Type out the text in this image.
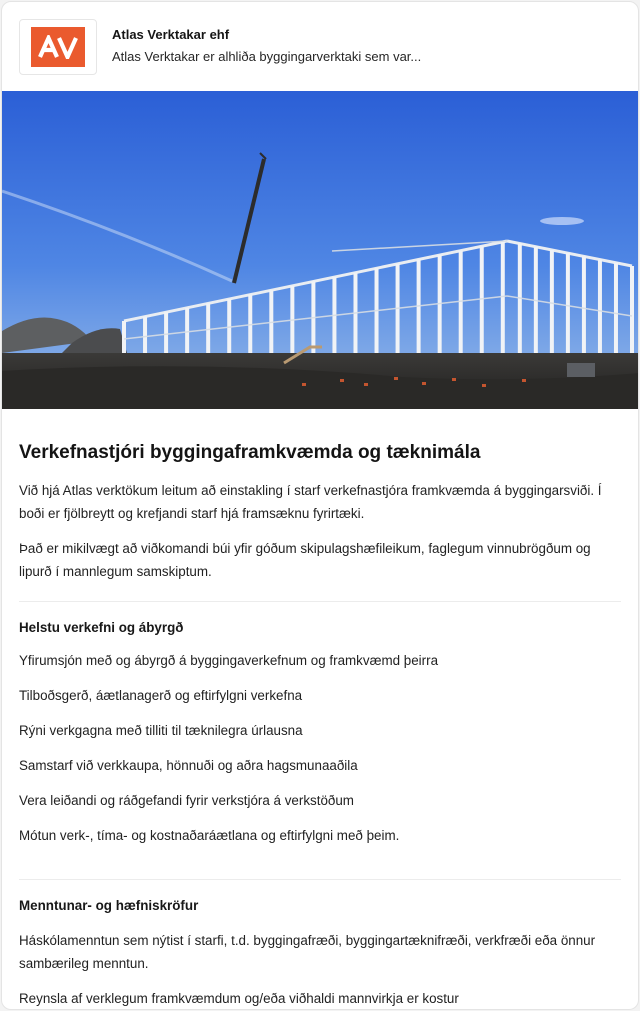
Atlas Verktakar ehf
Atlas Verktakar er alhliða byggingarverktaki sem var...
Verkefnastjóri byggingaframkvæmda og tæknimála

Við hjá Atlas verktökum leitum að einstakling í starf verkefnastjóra framkvæmda á byggingarsviði. Í boði er fjölbreytt og krefjandi starf hjá framsæknu fyrirtæki.

Það er mikilvægt að viðkomandi búi yfir góðum skipulagshæfileikum, faglegum vinnubrögðum og lipurð í mannlegum samskiptum.

Helstu verkefni og ábyrgð
Yfirumsjón með og ábyrgð á byggingaverkefnum og framkvæmd þeirra
Tilboðsgerð, áætlanagerð og eftirfylgni verkefna
Rýni verkgagna með tilliti til tæknilegra úrlausna
Samstarf við verkkaupa, hönnuði og aðra hagsmunaaðila
Vera leiðandi og ráðgefandi fyrir verkstjóra á verkstöðum
Mótun verk-, tíma- og kostnaðaráætlana og eftirfylgni með þeim.
Menntunar- og hæfniskröfur
Háskólamenntun sem nýtist í starfi, t.d. byggingafræði, byggingartæknifræði, verkfræði eða önnur sambærileg menntun.
Reynsla af verklegum framkvæmdum og/eða viðhaldi mannvirkja er kostur
